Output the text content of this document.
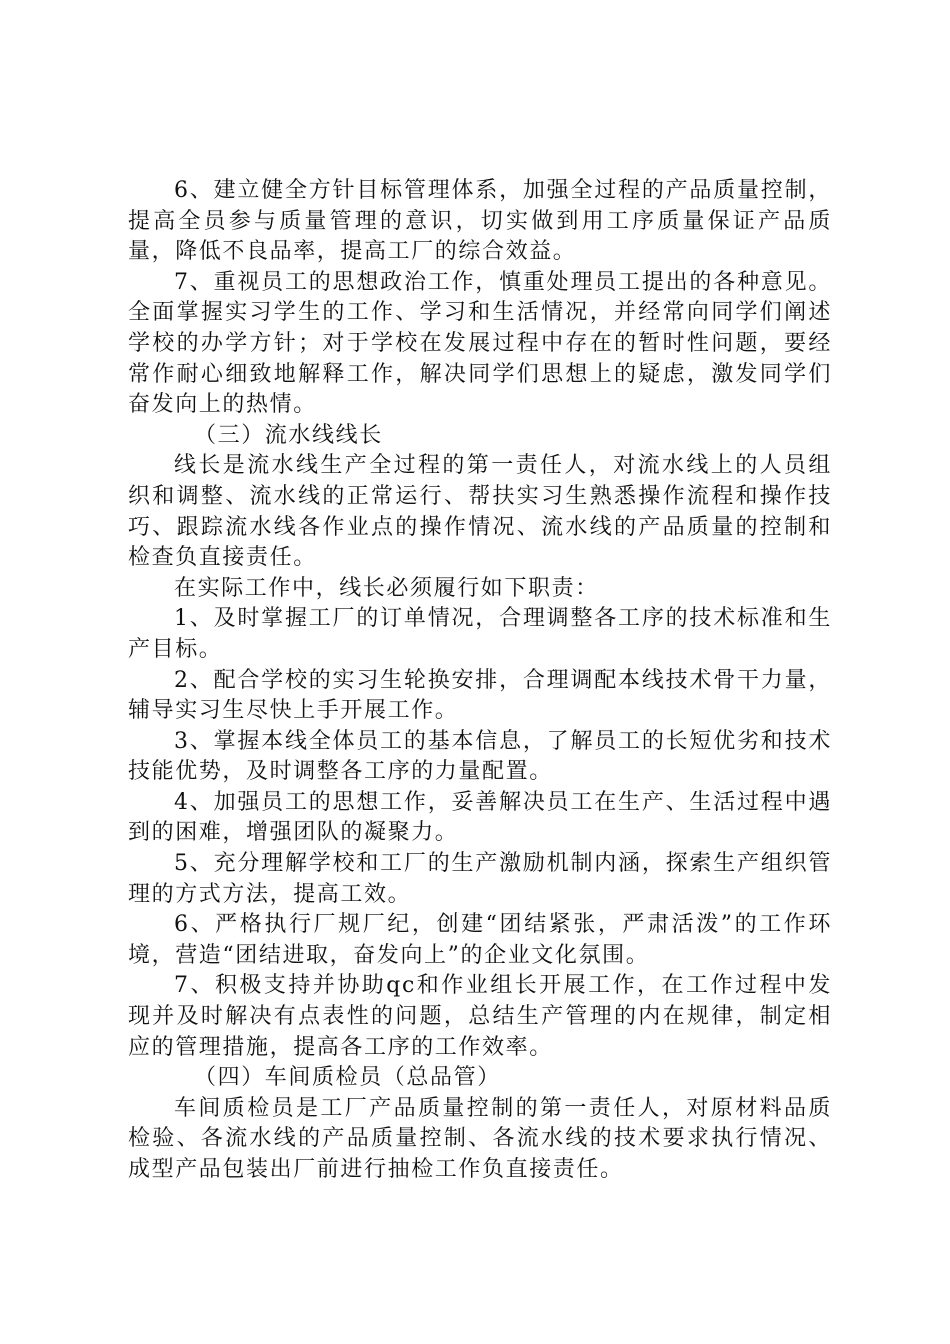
6、建立健全方针目标管理体系，加强全过程的产品质量控制，提高全员参与质量管理的意识，切实做到用工序质量保证产品质量，降低不良品率，提高工厂的综合效益。

7、重视员工的思想政治工作，慎重处理员工提出的各种意见。全面掌握实习学生的工作、学习和生活情况，并经常向同学们阐述学校的办学方针；对于学校在发展过程中存在的暂时性问题，要经常作耐心细致地解释工作，解决同学们思想上的疑虑，激发同学们奋发向上的热情。

（三）流水线线长

线长是流水线生产全过程的第一责任人，对流水线上的人员组织和调整、流水线的正常运行、帮扶实习生熟悉操作流程和操作技巧、跟踪流水线各作业点的操作情况、流水线的产品质量的控制和检查负直接责任。

在实际工作中，线长必须履行如下职责：

1、及时掌握工厂的订单情况，合理调整各工序的技术标准和生产目标。

2、配合学校的实习生轮换安排，合理调配本线技术骨干力量，辅导实习生尽快上手开展工作。

3、掌握本线全体员工的基本信息，了解员工的长短优劣和技术技能优势，及时调整各工序的力量配置。

4、加强员工的思想工作，妥善解决员工在生产、生活过程中遇到的困难，增强团队的凝聚力。

5、充分理解学校和工厂的生产激励机制内涵，探索生产组织管理的方式方法，提高工效。

6、严格执行厂规厂纪，创建“团结紧张，严肃活泼”的工作环境，营造“团结进取，奋发向上”的企业文化氛围。

7、积极支持并协助qc和作业组长开展工作，在工作过程中发现并及时解决有点表性的问题，总结生产管理的内在规律，制定相应的管理措施，提高各工序的工作效率。

（四）车间质检员（总品管）

车间质检员是工厂产品质量控制的第一责任人，对原材料品质检验、各流水线的产品质量控制、各流水线的技术要求执行情况、成型产品包装出厂前进行抽检工作负直接责任。
